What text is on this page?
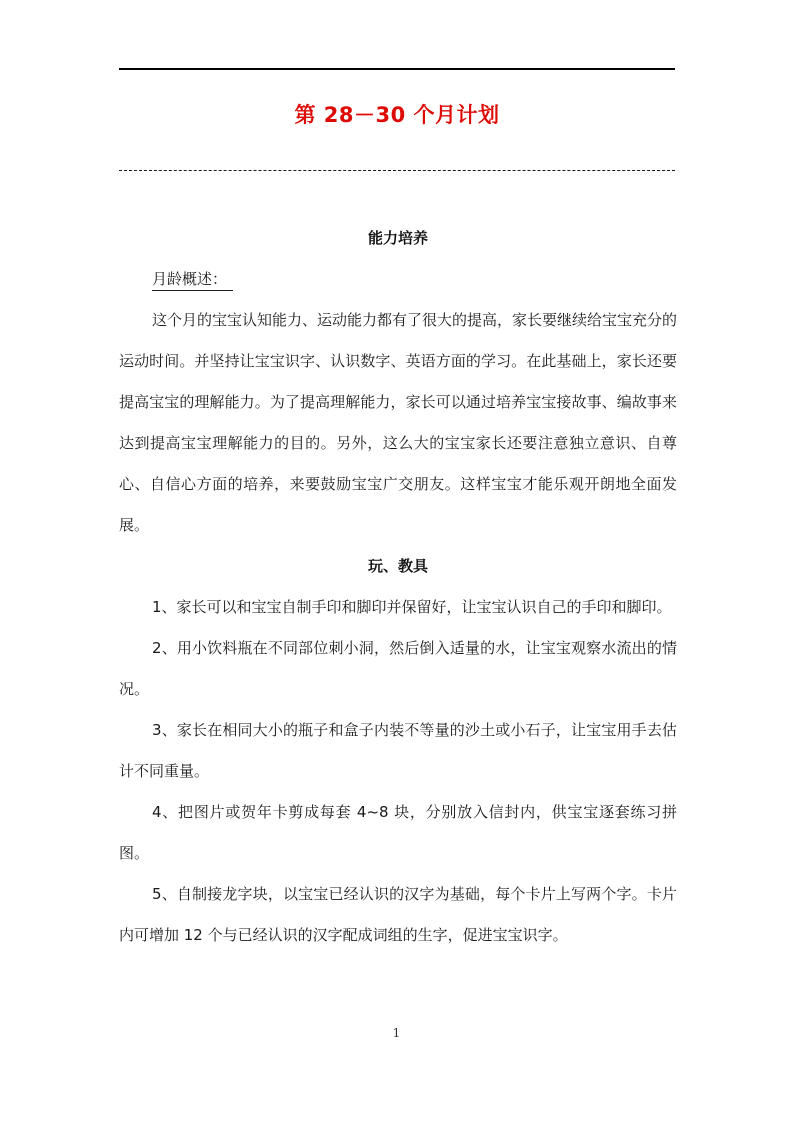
第 28－30 个月计划
能力培养
月龄概述：

这个月的宝宝认知能力、运动能力都有了很大的提高，家长要继续给宝宝充分的运动时间。并坚持让宝宝识字、认识数字、英语方面的学习。在此基础上，家长还要提高宝宝的理解能力。为了提高理解能力，家长可以通过培养宝宝接故事、编故事来达到提高宝宝理解能力的目的。另外，这么大的宝宝家长还要注意独立意识、自尊心、自信心方面的培养，来要鼓励宝宝广交朋友。这样宝宝才能乐观开朗地全面发展。

玩、教具

1、家长可以和宝宝自制手印和脚印并保留好，让宝宝认识自己的手印和脚印。

2、用小饮料瓶在不同部位刺小洞，然后倒入适量的水，让宝宝观察水流出的情况。

3、家长在相同大小的瓶子和盒子内装不等量的沙土或小石子，让宝宝用手去估计不同重量。

4、把图片或贺年卡剪成每套 4~8 块，分别放入信封内，供宝宝逐套练习拼图。

5、自制接龙字块，以宝宝已经认识的汉字为基础，每个卡片上写两个字。卡片内可增加 12 个与已经认识的汉字配成词组的生字，促进宝宝识字。

1
